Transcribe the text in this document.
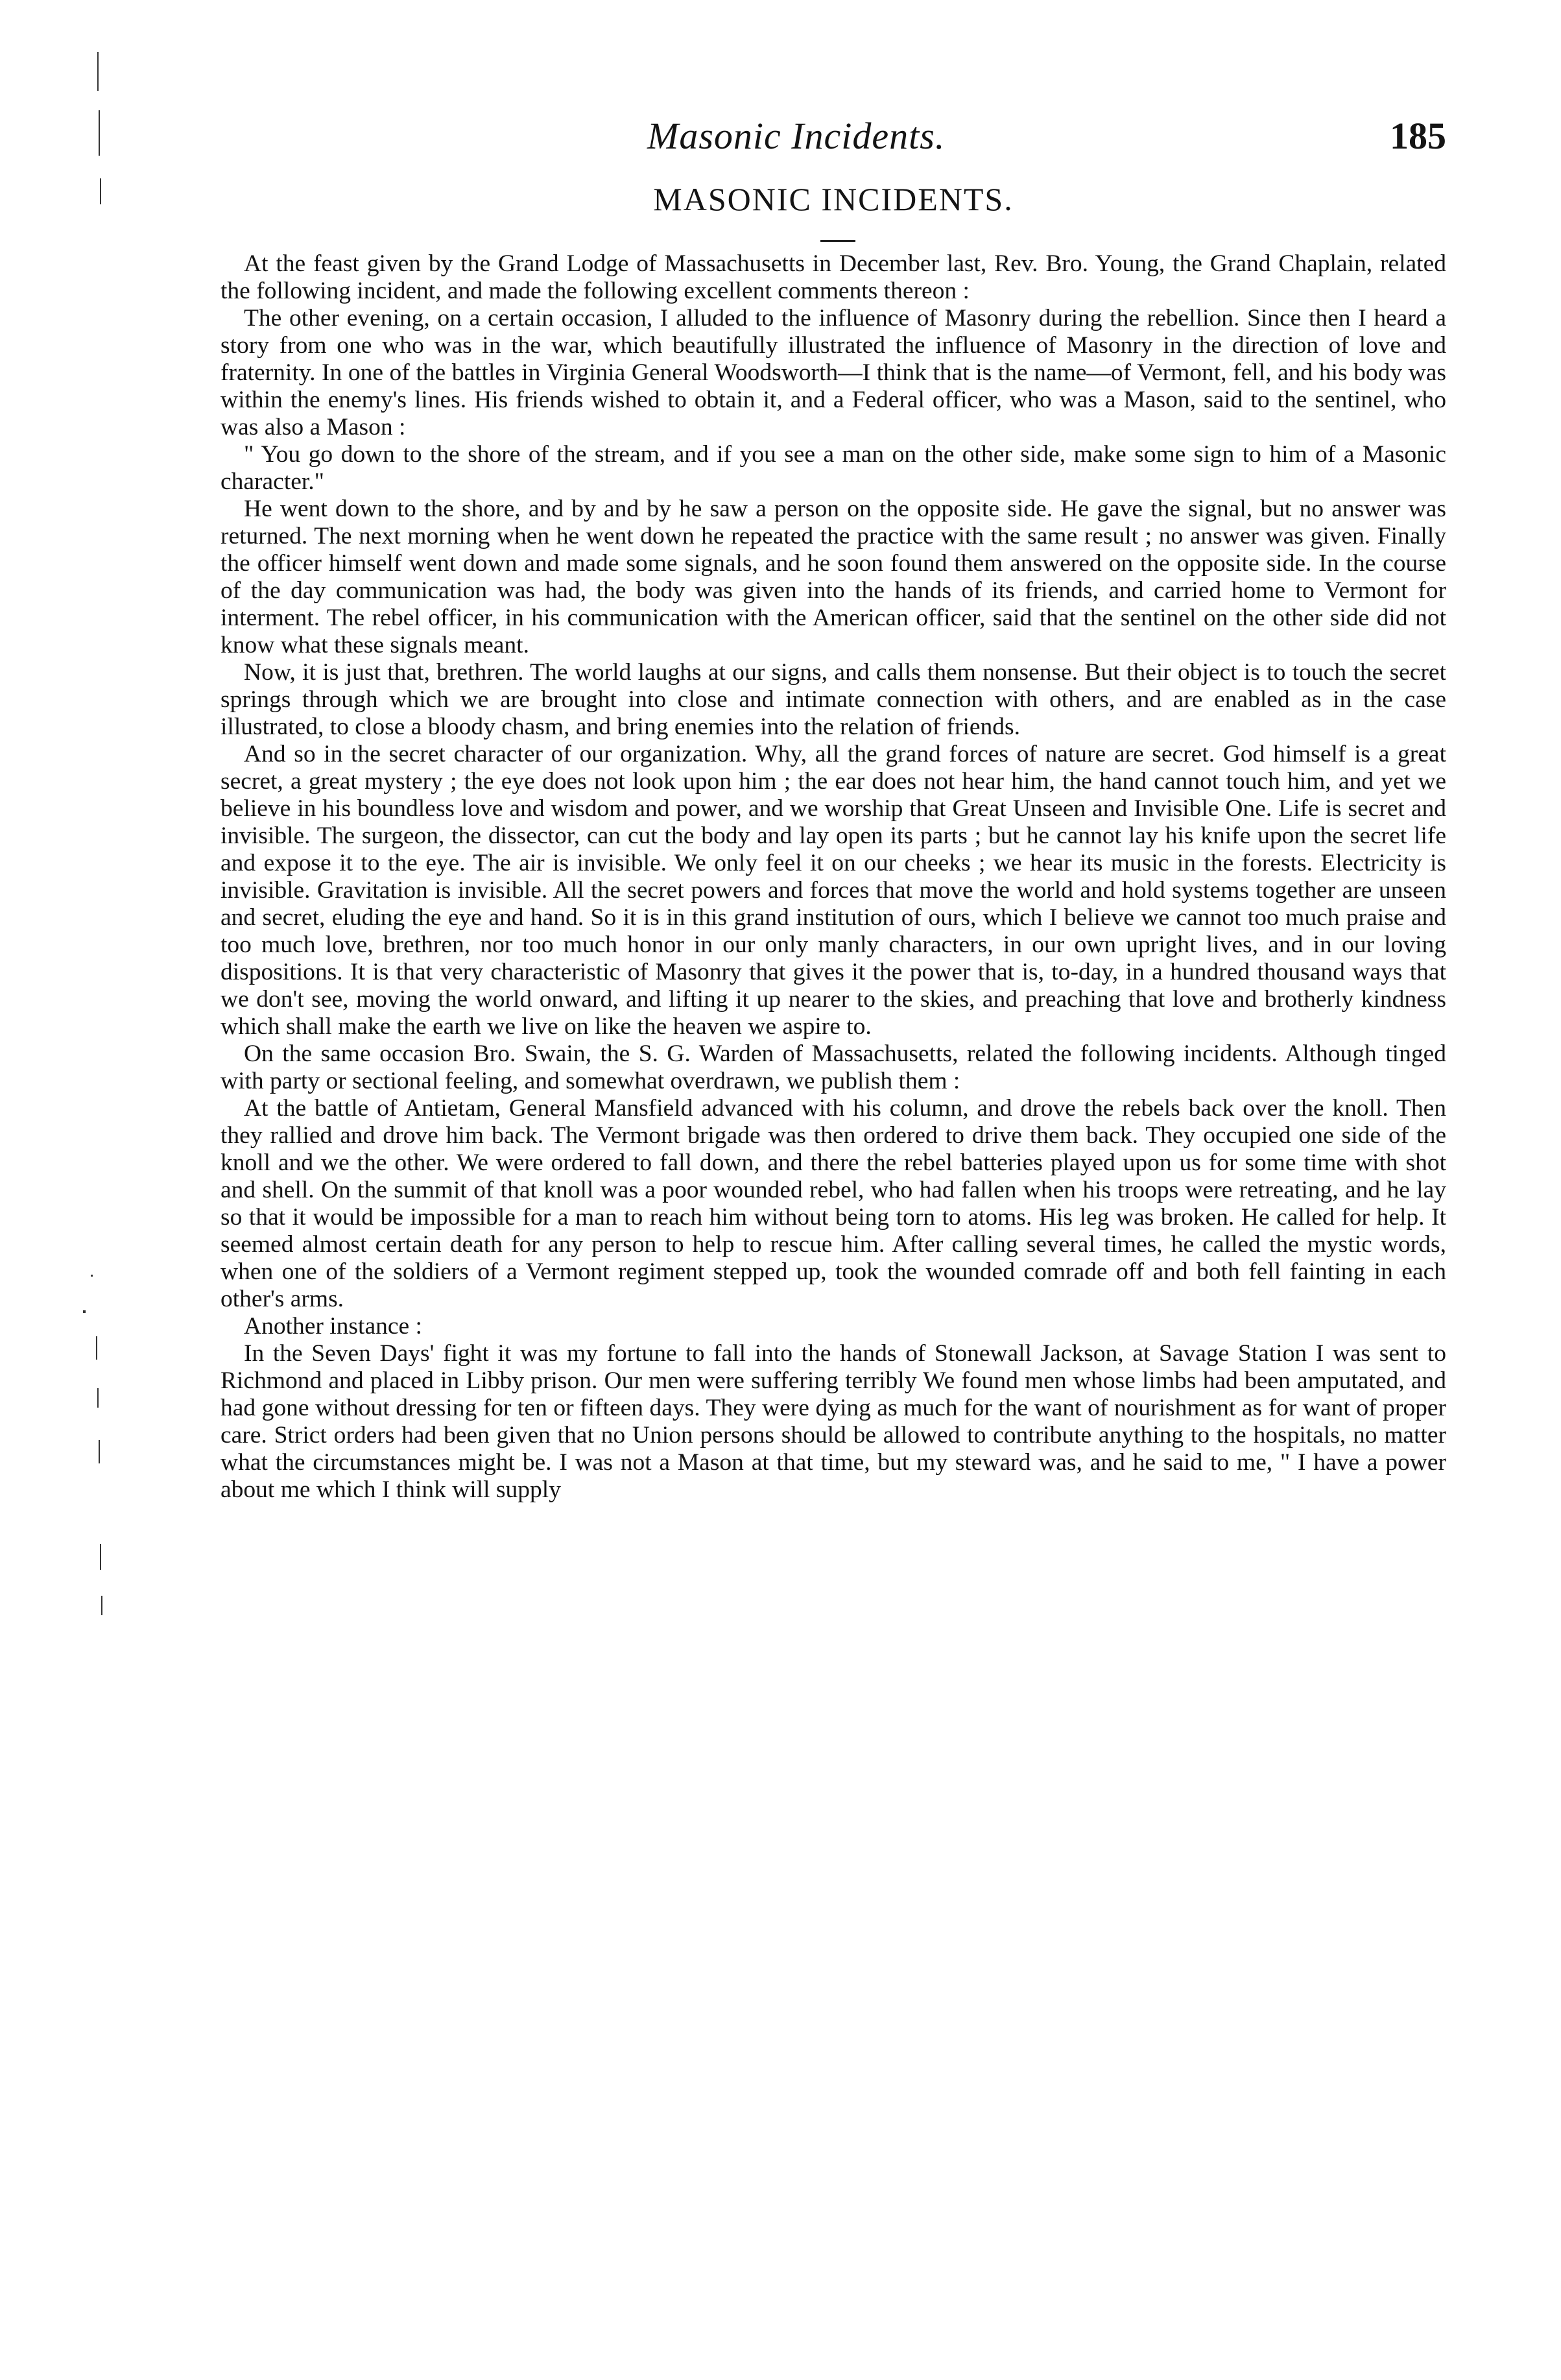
Masonic Incidents.	185
MASONIC INCIDENTS.

At the feast given by the Grand Lodge of Massachusetts in December last, Rev. Bro. Young, the Grand Chaplain, related the following incident, and made the following excellent comments thereon :

The other evening, on a certain occasion, I alluded to the influence of Masonry during the rebellion. Since then I heard a story from one who was in the war, which beautifully illustrated the influence of Masonry in the direction of love and fraternity. In one of the battles in Virginia General Woodsworth—I think that is the name—of Vermont, fell, and his body was within the enemy's lines. His friends wished to obtain it, and a Federal officer, who was a Mason, said to the sentinel, who was also a Mason :

" You go down to the shore of the stream, and if you see a man on the other side, make some sign to him of a Masonic character."

He went down to the shore, and by and by he saw a person on the opposite side. He gave the signal, but no answer was returned. The next morning when he went down he repeated the practice with the same result ; no answer was given. Finally the officer himself went down and made some signals, and he soon found them answered on the opposite side. In the course of the day communication was had, the body was given into the hands of its friends, and carried home to Vermont for interment. The rebel officer, in his communication with the American officer, said that the sentinel on the other side did not know what these signals meant.

Now, it is just that, brethren. The world laughs at our signs, and calls them nonsense. But their object is to touch the secret springs through which we are brought into close and intimate connection with others, and are enabled as in the case illustrated, to close a bloody chasm, and bring enemies into the relation of friends.

And so in the secret character of our organization. Why, all the grand forces of nature are secret. God himself is a great secret, a great mystery ; the eye does not look upon him ; the ear does not hear him, the hand cannot touch him, and yet we believe in his boundless love and wisdom and power, and we worship that Great Unseen and Invisible One. Life is secret and invisible. The surgeon, the dissector, can cut the body and lay open its parts ; but he cannot lay his knife upon the secret life and expose it to the eye. The air is invisible. We only feel it on our cheeks ; we hear its music in the forests. Electricity is invisible. Gravitation is invisible. All the secret powers and forces that move the world and hold systems together are unseen and secret, eluding the eye and hand. So it is in this grand institution of ours, which I believe we cannot too much praise and too much love, brethren, nor too much honor in our only manly characters, in our own upright lives, and in our loving dispositions. It is that very characteristic of Masonry that gives it the power that is, to-day, in a hundred thousand ways that we don't see, moving the world onward, and lifting it up nearer to the skies, and preaching that love and brotherly kindness which shall make the earth we live on like the heaven we aspire to.

On the same occasion Bro. Swain, the S. G. Warden of Massachusetts, related the following incidents. Although tinged with party or sectional feeling, and somewhat overdrawn, we publish them :

At the battle of Antietam, General Mansfield advanced with his column, and drove the rebels back over the knoll. Then they rallied and drove him back. The Vermont brigade was then ordered to drive them back. They occupied one side of the knoll and we the other. We were ordered to fall down, and there the rebel batteries played upon us for some time with shot and shell. On the summit of that knoll was a poor wounded rebel, who had fallen when his troops were retreating, and he lay so that it would be impossible for a man to reach him without being torn to atoms. His leg was broken. He called for help. It seemed almost certain death for any person to help to rescue him. After calling several times, he called the mystic words, when one of the soldiers of a Vermont regiment stepped up, took the wounded comrade off and both fell fainting in each other's arms.

Another instance :

In the Seven Days' fight it was my fortune to fall into the hands of Stonewall Jackson, at Savage Station I was sent to Richmond and placed in Libby prison. Our men were suffering terribly We found men whose limbs had been amputated, and had gone without dressing for ten or fifteen days. They were dying as much for the want of nourishment as for want of proper care. Strict orders had been given that no Union persons should be allowed to contribute anything to the hospitals, no matter what the circumstances might be. I was not a Mason at that time, but my steward was, and he said to me, " I have a power about me which I think will supply
